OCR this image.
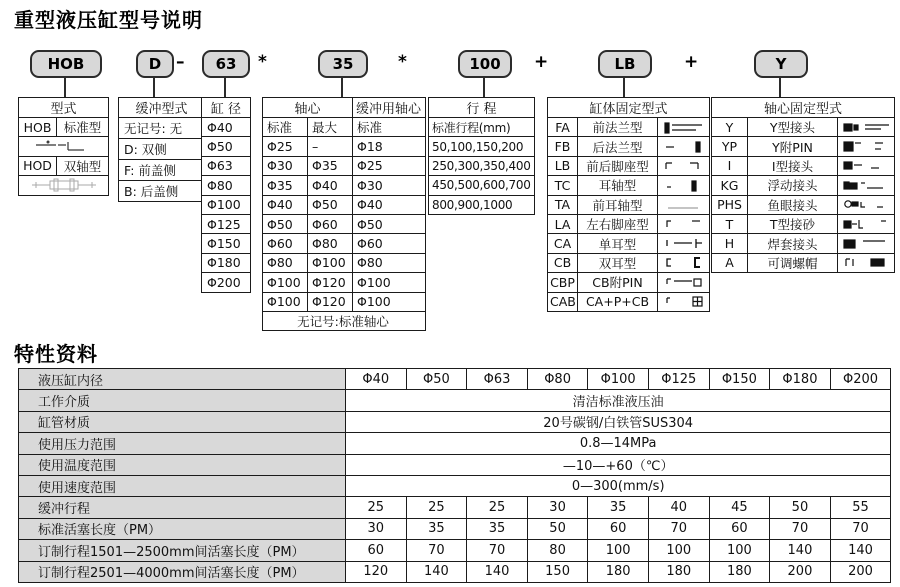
重型液压缸型号说明
HOB	D –	63	*	35	*	100	+	LB	+	Y
型式	
HOB	标准型

HOD	双轴型

缓冲型式
无记号: 无
D: 双侧
F: 前盖侧
B: 后盖侧
缸 径
Φ40
Φ50
Φ63
Φ80
Φ100
Φ125
Φ150
Φ180
Φ200
轴心		缓冲用轴心
标准	最大	标准
Φ25	–	Φ18
Φ30	Φ35	Φ25
Φ35	Φ40	Φ30
Φ40	Φ50	Φ40
Φ50	Φ60	Φ50
Φ60	Φ80	Φ60
Φ80	Φ100	Φ80
Φ100	Φ120	Φ100
Φ100	Φ120	Φ100
无记号:标准轴心		
行 程
标准行程(mm)
50,100,150,200
250,300,350,400
450,500,600,700
800,900,1000
缸体固定型式		
FA	前法兰型	

FB	后法兰型	

LB	前后脚座型	

TC	耳轴型	

TA	前耳轴型	

LA	左右脚座型	

CA	单耳型	

CB	双耳型	

CBP	CB附PIN	

CAB	CA+P+CB	
轴心固定型式		
Y	Y型接头	

YP	Y附PIN	

I	I型接头	

KG	浮动接头	

PHS	鱼眼接头	

T	T型接砂	

H	焊套接头	

A	可调螺帽	
特性资料
液压缸内径	Φ40	Φ50	Φ63	Φ80	Φ100	Φ125	Φ150	Φ180	Φ200
工作介质	清洁标准液压油								
缸管材质	20号碳钢/白铁管SUS304								
使用压力范围	0.8—14MPa								
使用温度范围	—10—+60（℃）								
使用速度范围	0—300(mm/s)								
缓冲行程	25	25	25	30	35	40	45	50	55
标准活塞长度（PM）	30	35	35	50	60	70	60	70	70
订制行程1501—2500mm间活塞长度（PM）	60	70	70	80	100	100	100	140	140
订制行程2501—4000mm间活塞长度（PM）	120	140	140	150	180	180	180	200	200
